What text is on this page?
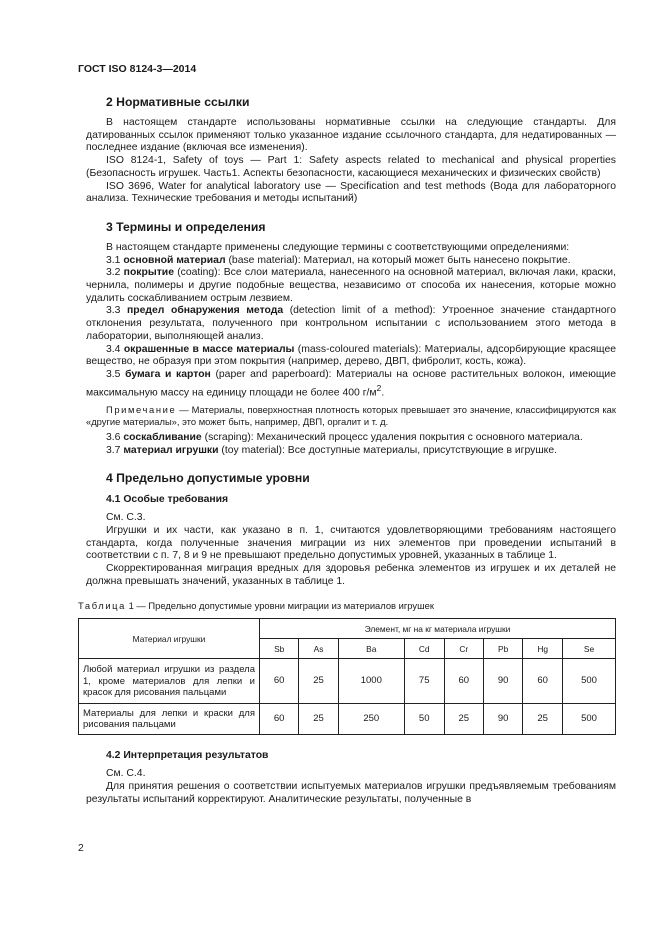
ГОСТ ISO 8124-3—2014
2 Нормативные ссылки

В настоящем стандарте использованы нормативные ссылки на следующие стандарты. Для датированных ссылок применяют только указанное издание ссылочного стандарта, для недатированных — последнее издание (включая все изменения).

ISO 8124-1, Safety of toys — Part 1: Safety aspects related to mechanical and physical properties (Безопасность игрушек. Часть1. Аспекты безопасности, касающиеся механических и физических свойств)

ISO 3696, Water for analytical laboratory use — Specification and test methods (Вода для лабораторного анализа. Технические требования и методы испытаний)

3 Термины и определения

В настоящем стандарте применены следующие термины с соответствующими определениями:

3.1 основной материал (base material): Материал, на который может быть нанесено покрытие.

3.2 покрытие (coating): Все слои материала, нанесенного на основной материал, включая лаки, краски, чернила, полимеры и другие подобные вещества, независимо от способа их нанесения, которые можно удалить соскабливанием острым лезвием.

3.3 предел обнаружения метода (detection limit of a method): Утроенное значение стандартного отклонения результата, полученного при контрольном испытании с использованием этого метода в лаборатории, выполняющей анализ.

3.4 окрашенные в массе материалы (mass-coloured materials): Материалы, адсорбирующие красящее вещество, не образуя при этом покрытия (например, дерево, ДВП, фибролит, кость, кожа).

3.5 бумага и картон (paper and paperboard): Материалы на основе растительных волокон, имеющие максимальную массу на единицу площади не более 400 $г/м^2$.

Примечание — Материалы, поверхностная плотность которых превышает это значение, классифицируются как «другие материалы», это может быть, например, ДВП, оргалит и т. д.

3.6 соскабливание (scraping): Механический процесс удаления покрытия с основного материала.

3.7 материал игрушки (toy material): Все доступные материалы, присутствующие в игрушке.

4 Предельно допустимые уровни
4.1 Особые требования

См. С.3.

Игрушки и их части, как указано в п. 1, считаются удовлетворяющими требованиям настоящего стандарта, когда полученные значения миграции из них элементов при проведении испытаний в соответствии с п. 7, 8 и 9 не превышают предельно допустимых уровней, указанных в таблице 1.

Скорректированная миграция вредных для здоровья ребенка элементов из игрушек и их деталей не должна превышать значений, указанных в таблице 1.

Таблица 1 — Предельно допустимые уровни миграции из материалов игрушек

Материал игрушки	Элемент, мг на кг материала игрушки							
	Sb	As	Ba	Cd	Cr	Pb	Hg	Se
Любой материал игрушки из раздела 1, кроме материалов для лепки и красок для рисования пальцами	60	25	1000	75	60	90	60	500
Материалы для лепки и краски для рисования пальцами	60	25	250	50	25	90	25	500
4.2 Интерпретация результатов

См. С.4.

Для принятия решения о соответствии испытуемых материалов игрушки предъявляемым требованиям результаты испытаний корректируют. Аналитические результаты, полученные в

2
